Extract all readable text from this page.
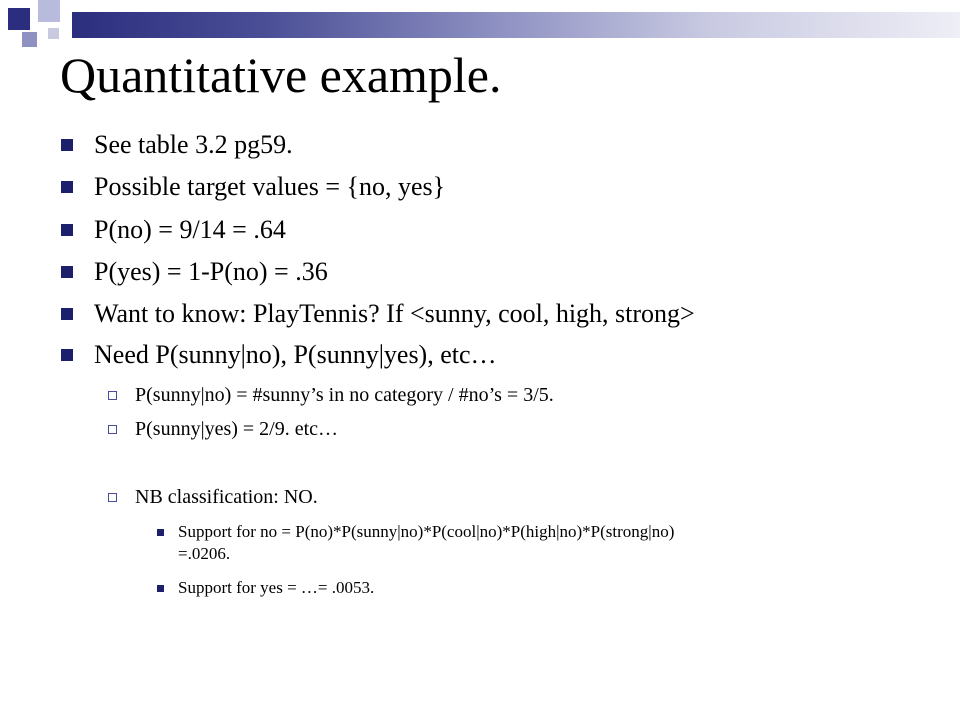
Quantitative example.
See table 3.2 pg59.
Possible target values = {no, yes}
P(no) = 9/14 = .64
P(yes) = 1-P(no) = .36
Want to know: PlayTennis? If <sunny, cool, high, strong>
Need P(sunny|no), P(sunny|yes), etc…
P(sunny|no) = #sunny’s in no category / #no’s = 3/5.
P(sunny|yes) = 2/9. etc…
NB classification: NO.
Support for no = P(no)*P(sunny|no)*P(cool|no)*P(high|no)*P(strong|no)
=.0206.
Support for yes = …= .0053.
